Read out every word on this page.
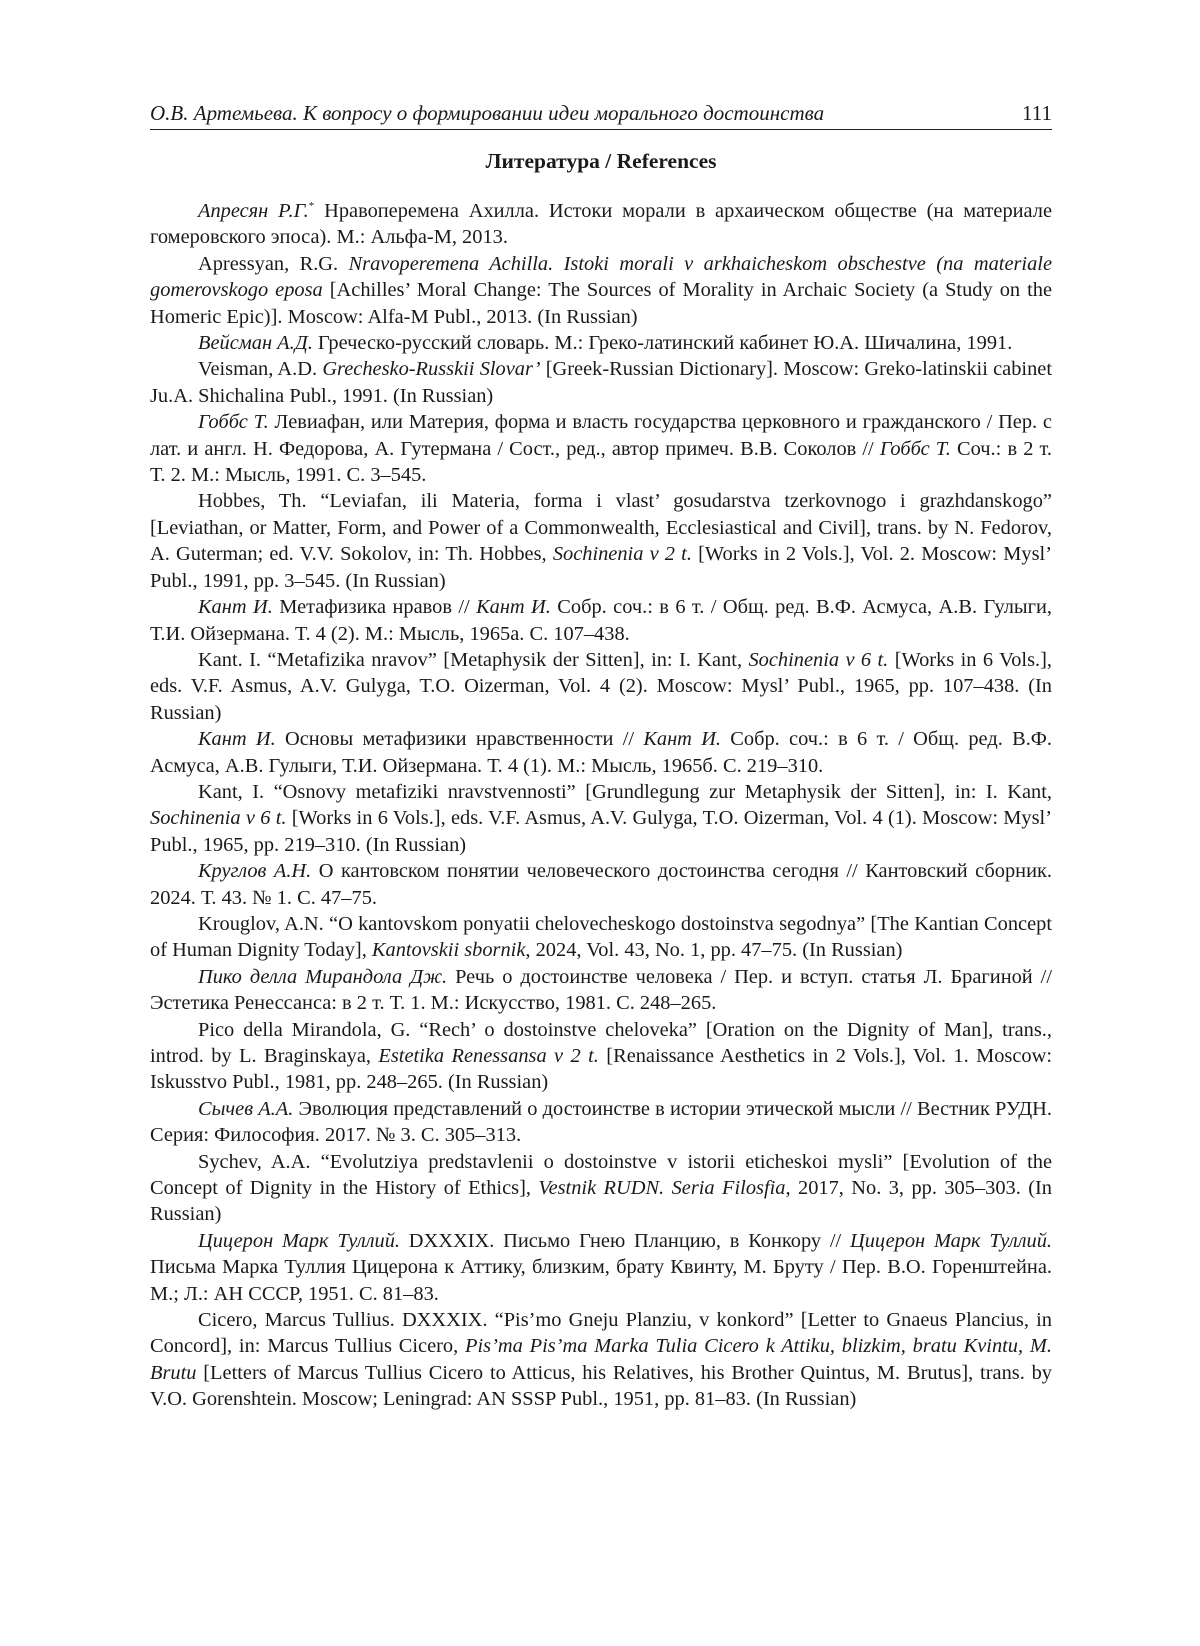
О.В. Артемьева. К вопросу о формировании идеи морального достоинства	111
Литература / References

Апресян Р.Г.* Нравоперемена Ахилла. Истоки морали в архаическом обществе (на материале гомеровского эпоса). М.: Альфа-М, 2013.

Apressyan, R.G. Nravoperemena Achilla. Istoki morali v arkhaicheskom obschestve (na materiale gomerovskogo eposa [Achilles’ Moral Change: The Sources of Morality in Archaic Society (a Study on the Homeric Epic)]. Moscow: Alfa-M Publ., 2013. (In Russian)

Вейсман А.Д. Греческо-русский словарь. М.: Греко-латинский кабинет Ю.А. Шичалина, 1991.

Veisman, A.D. Grechesko-Russkii Slovar’ [Greek-Russian Dictionary]. Moscow: Greko-latinskii cabinet Ju.A. Shichalina Publ., 1991. (In Russian)

Гоббс Т. Левиафан, или Материя, форма и власть государства церковного и гражданского / Пер. с лат. и англ. Н. Федорова, А. Гутермана / Сост., ред., автор примеч. В.В. Соколов // Гоббс Т. Соч.: в 2 т. Т. 2. М.: Мысль, 1991. С. 3–545.

Hobbes, Th. “Leviafan, ili Materia, forma i vlast’ gosudarstva tzerkovnogo i grazhdanskogo” [Leviathan, or Matter, Form, and Power of a Commonwealth, Ecclesiastical and Civil], trans. by N. Fedorov, A. Guterman; ed. V.V. Sokolov, in: Th. Hobbes, Sochinenia v 2 t. [Works in 2 Vols.], Vol. 2. Moscow: Mysl’ Publ., 1991, pp. 3–545. (In Russian)

Кант И. Метафизика нравов // Кант И. Собр. соч.: в 6 т. / Общ. ред. В.Ф. Асмуса, А.В. Гулыги, Т.И. Ойзермана. Т. 4 (2). М.: Мысль, 1965а. С. 107–438.

Kant. I. “Metafizika nravov” [Metaphysik der Sitten], in: I. Kant, Sochinenia v 6 t. [Works in 6 Vols.], eds. V.F. Asmus, A.V. Gulyga, T.O. Oizerman, Vol. 4 (2). Moscow: Mysl’ Publ., 1965, pp. 107–438. (In Russian)

Кант И. Основы метафизики нравственности // Кант И. Собр. соч.: в 6 т. / Общ. ред. В.Ф. Асмуса, А.В. Гулыги, Т.И. Ойзермана. Т. 4 (1). М.: Мысль, 1965б. С. 219–310.

Kant, I. “Osnovy metafiziki nravstvennosti” [Grundlegung zur Metaphysik der Sitten], in: I. Kant, Sochinenia v 6 t. [Works in 6 Vols.], eds. V.F. Asmus, A.V. Gulyga, T.O. Oizerman, Vol. 4 (1). Moscow: Mysl’ Publ., 1965, pp. 219–310. (In Russian)

Круглов А.Н. О кантовском понятии человеческого достоинства сегодня // Кантовский сборник. 2024. Т. 43. № 1. С. 47–75.

Krouglov, A.N. “O kantovskom ponyatii chelovecheskogo dostoinstva segodnya” [The Kantian Concept of Human Dignity Today], Kantovskii sbornik, 2024, Vol. 43, No. 1, pp. 47–75. (In Russian)

Пико делла Мирандола Дж. Речь о достоинстве человека / Пер. и вступ. статья Л. Брагиной // Эстетика Ренессанса: в 2 т. Т. 1. М.: Искусство, 1981. С. 248–265.

Pico della Mirandola, G. “Rech’ o dostoinstve cheloveka” [Oration on the Dignity of Man], trans., introd. by L. Braginskaya, Estetika Renessansa v 2 t. [Renaissance Aesthetics in 2 Vols.], Vol. 1. Moscow: Iskusstvo Publ., 1981, pp. 248–265. (In Russian)

Сычев А.А. Эволюция представлений о достоинстве в истории этической мысли // Вестник РУДН. Серия: Философия. 2017. № 3. С. 305–313.

Sychev, A.A. “Evolutziya predstavlenii o dostoinstve v istorii eticheskoi mysli” [Evolution of the Concept of Dignity in the History of Ethics], Vestnik RUDN. Seria Filosfia, 2017, No. 3, pp. 305–303. (In Russian)

Цицерон Марк Туллий. DXXXIX. Письмо Гнею Планцию, в Конкору // Цицерон Марк Туллий. Письма Марка Туллия Цицерона к Аттику, близким, брату Квинту, М. Бруту / Пер. В.О. Горенштейна. М.; Л.: АН СССР, 1951. С. 81–83.

Cicero, Marcus Tullius. DXXXIX. “Pis’mo Gneju Planziu, v konkord” [Letter to Gnaeus Plancius, in Concord], in: Marcus Tullius Cicero, Pis’ma Pis’ma Marka Tulia Cicero k Attiku, blizkim, bratu Kvintu, M. Brutu [Letters of Marcus Tullius Cicero to Atticus, his Relatives, his Brother Quintus, M. Brutus], trans. by V.O. Gorenshtein. Moscow; Leningrad: AN SSSP Publ., 1951, pp. 81–83. (In Russian)
